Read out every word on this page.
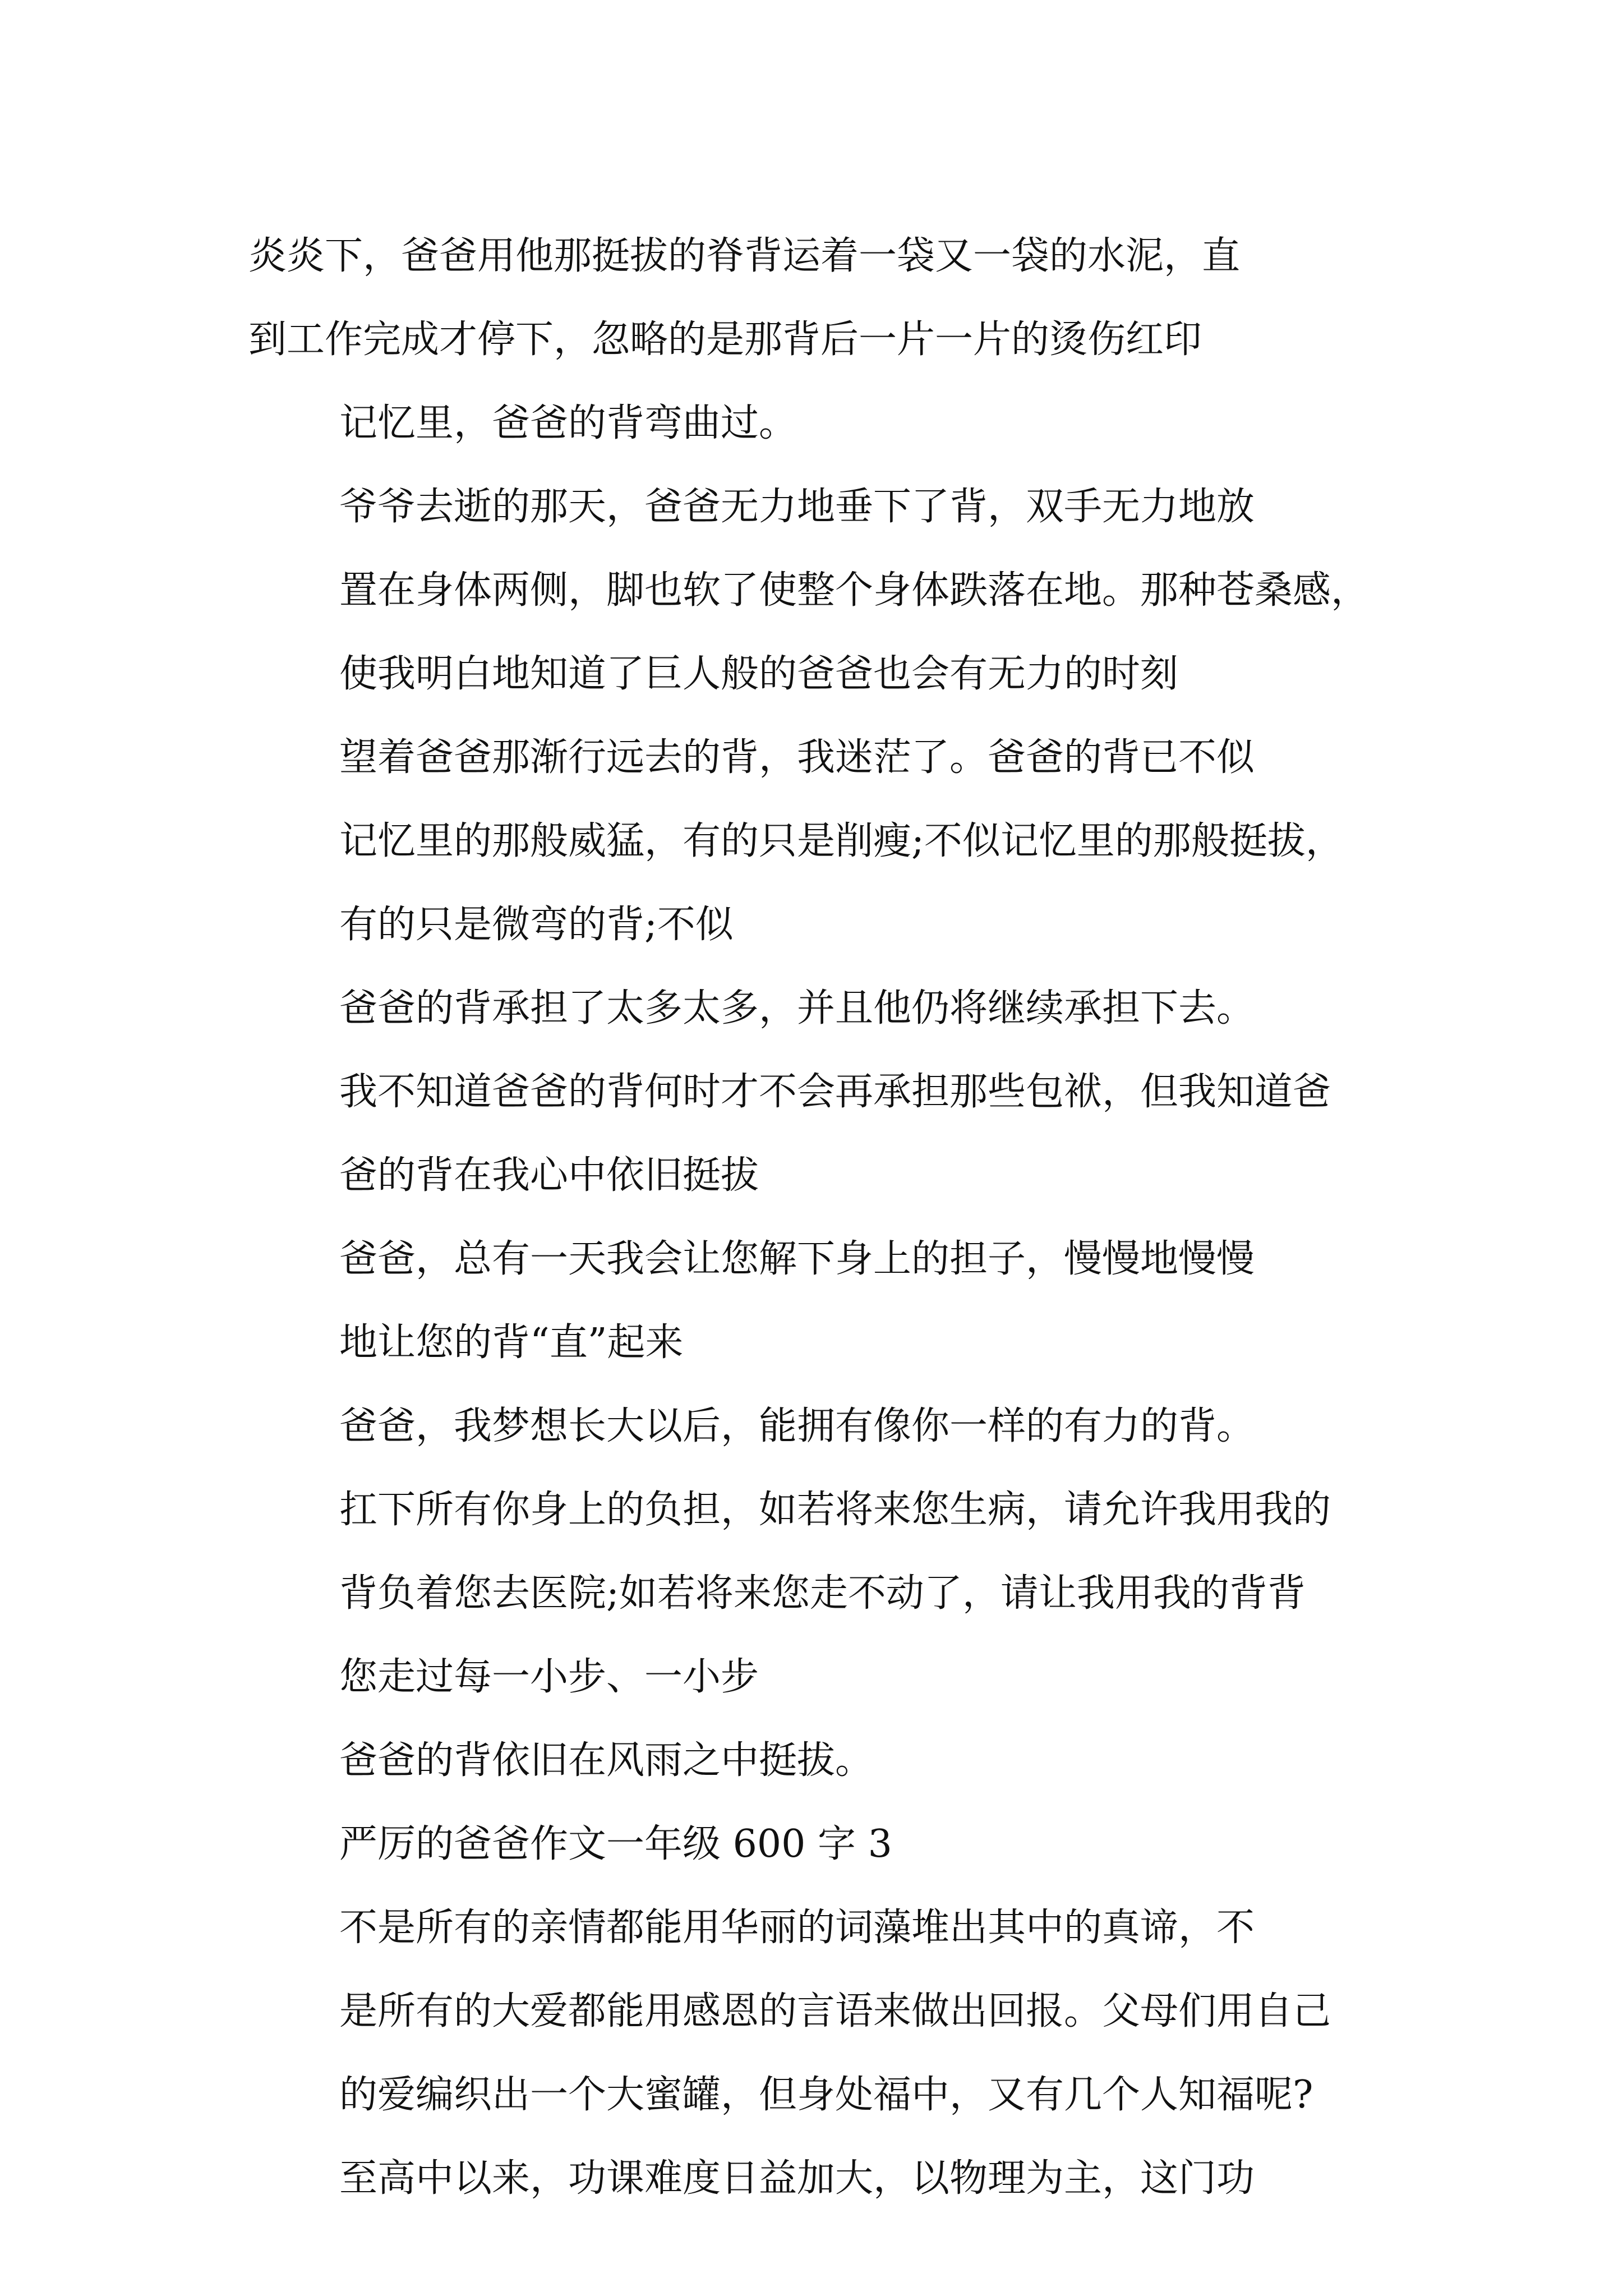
炎炎下，爸爸用他那挺拔的脊背运着一袋又一袋的水泥，直
到工作完成才停下，忽略的是那背后一片一片的烫伤红印

记忆里，爸爸的背弯曲过。

爷爷去逝的那天，爸爸无力地垂下了背，双手无力地放
置在身体两侧，脚也软了使整个身体跌落在地。那种苍桑感，
使我明白地知道了巨人般的爸爸也会有无力的时刻

望着爸爸那渐行远去的背，我迷茫了。爸爸的背已不似
记忆里的那般威猛，有的只是削瘦;不似记忆里的那般挺拔，
有的只是微弯的背;不似

爸爸的背承担了太多太多，并且他仍将继续承担下去。
我不知道爸爸的背何时才不会再承担那些包袱，但我知道爸
爸的背在我心中依旧挺拔

爸爸，总有一天我会让您解下身上的担子，慢慢地慢慢
地让您的背“直”起来

爸爸，我梦想长大以后，能拥有像你一样的有力的背。
扛下所有你身上的负担，如若将来您生病，请允许我用我的
背负着您去医院;如若将来您走不动了，请让我用我的背背
您走过每一小步、一小步

爸爸的背依旧在风雨之中挺拔。

严厉的爸爸作文一年级 600 字 3

不是所有的亲情都能用华丽的词藻堆出其中的真谛，不
是所有的大爱都能用感恩的言语来做出回报。父母们用自己
的爱编织出一个大蜜罐，但身处福中，又有几个人知福呢?

至高中以来，功课难度日益加大，以物理为主，这门功
